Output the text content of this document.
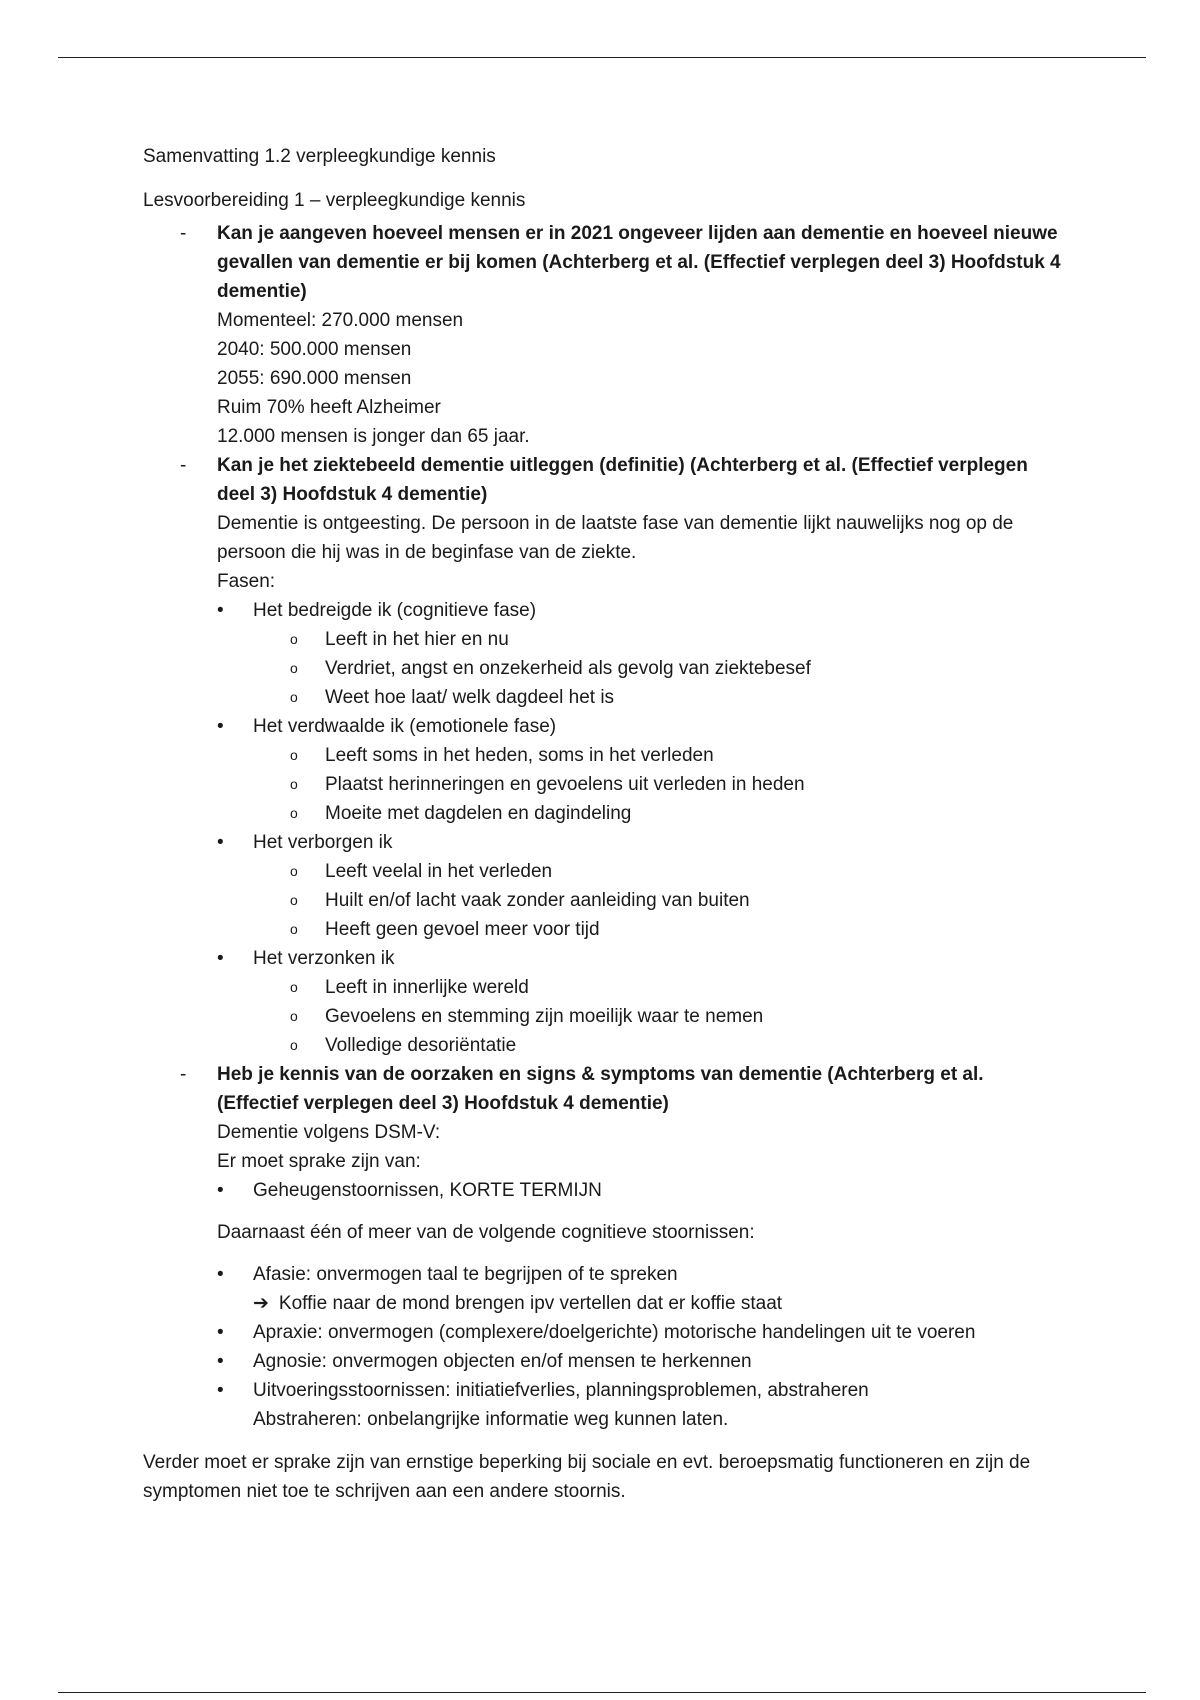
Samenvatting 1.2 verpleegkundige kennis

Lesvoorbereiding 1 – verpleegkundige kennis

- Kan je aangeven hoeveel mensen er in 2021 ongeveer lijden aan dementie en hoeveel nieuwe gevallen van dementie er bij komen (Achterberg et al. (Effectief verplegen deel 3) Hoofdstuk 4 dementie)
Momenteel: 270.000 mensen
2040: 500.000 mensen
2055: 690.000 mensen
Ruim 70% heeft Alzheimer
12.000 mensen is jonger dan 65 jaar.
- Kan je het ziektebeeld dementie uitleggen (definitie) (Achterberg et al. (Effectief verplegen deel 3) Hoofdstuk 4 dementie)
Dementie is ontgeesting. De persoon in de laatste fase van dementie lijkt nauwelijks nog op de persoon die hij was in de beginfase van de ziekte.
Fasen:
• Het bedreigde ik (cognitieve fase)
o Leeft in het hier en nu
o Verdriet, angst en onzekerheid als gevolg van ziektebesef
o Weet hoe laat/ welk dagdeel het is
• Het verdwaalde ik (emotionele fase)
o Leeft soms in het heden, soms in het verleden
o Plaatst herinneringen en gevoelens uit verleden in heden
o Moeite met dagdelen en dagindeling
• Het verborgen ik
o Leeft veelal in het verleden
o Huilt en/of lacht vaak zonder aanleiding van buiten
o Heeft geen gevoel meer voor tijd
• Het verzonken ik
o Leeft in innerlijke wereld
o Gevoelens en stemming zijn moeilijk waar te nemen
o Volledige desoriëntatie
- Heb je kennis van de oorzaken en signs & symptoms van dementie (Achterberg et al. (Effectief verplegen deel 3) Hoofdstuk 4 dementie)
Dementie volgens DSM-V:
Er moet sprake zijn van:
• Geheugenstoornissen, KORTE TERMIJN
Daarnaast één of meer van de volgende cognitieve stoornissen:
• Afasie: onvermogen taal te begrijpen of te spreken
➔ Koffie naar de mond brengen ipv vertellen dat er koffie staat
• Apraxie: onvermogen (complexere/doelgerichte) motorische handelingen uit te voeren
• Agnosie: onvermogen objecten en/of mensen te herkennen
• Uitvoeringsstoornissen: initiatiefverlies, planningsproblemen, abstraheren
Abstraheren: onbelangrijke informatie weg kunnen laten.

Verder moet er sprake zijn van ernstige beperking bij sociale en evt. beroepsmatig functioneren en zijn de symptomen niet toe te schrijven aan een andere stoornis.
